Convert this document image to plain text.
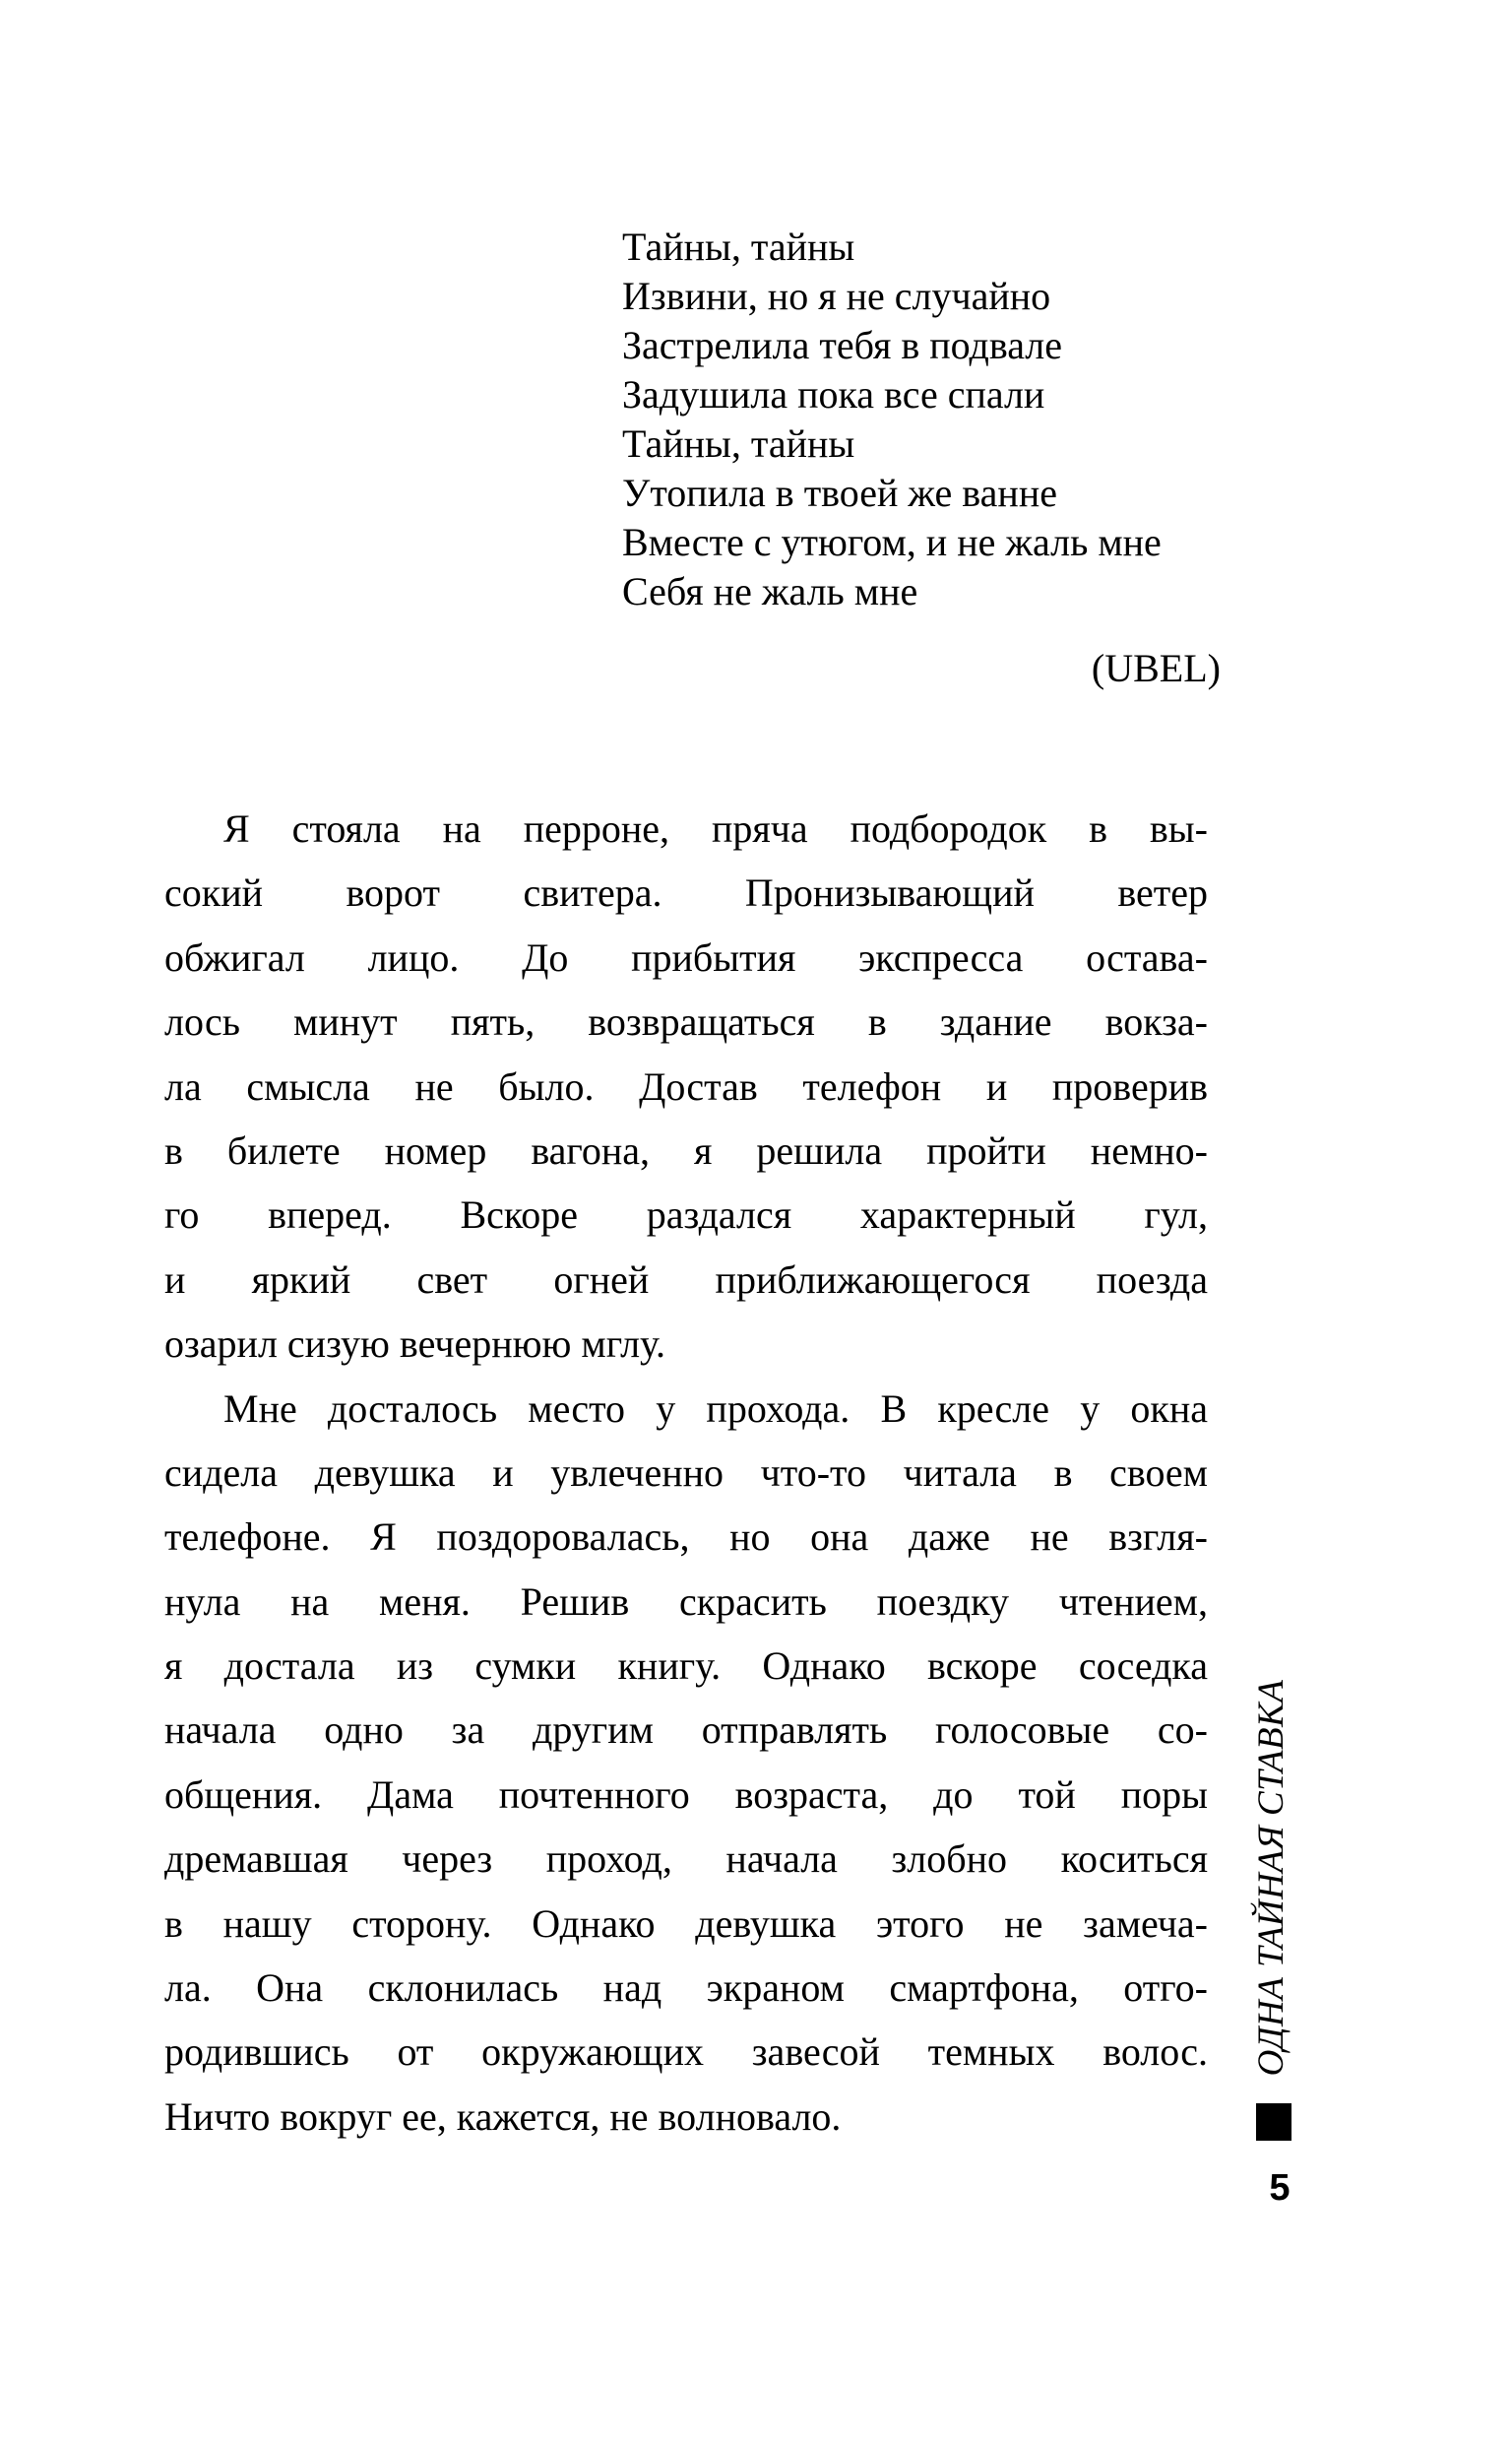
Тайны, тайны
Извини, но я не случайно
Застрелила тебя в подвале
Задушила пока все спали
Тайны, тайны
Утопила в твоей же ванне
Вместе с утюгом, и не жаль мне
Себя не жаль мне
(UBEL)
Я стояла на перроне, пряча подбородок в вы-
сокий ворот свитера. Пронизывающий ветер
обжигал лицо. До прибытия экспресса остава-
лось минут пять, возвращаться в здание вокза-
ла смысла не было. Достав телефон и проверив
в билете номер вагона, я решила пройти немно-
го вперед. Вскоре раздался характерный гул,
и яркий свет огней приближающегося поезда
озарил сизую вечернюю мглу.
Мне досталось место у прохода. В кресле у окна
сидела девушка и увлеченно что-то читала в своем
телефоне. Я поздоровалась, но она даже не взгля-
нула на меня. Решив скрасить поездку чтением,
я достала из сумки книгу. Однако вскоре соседка
начала одно за другим отправлять голосовые со-
общения. Дама почтенного возраста, до той поры
дремавшая через проход, начала злобно коситься
в нашу сторону. Однако девушка этого не замеча-
ла. Она склонилась над экраном смартфона, отго-
родившись от окружающих завесой темных волос.
Ничто вокруг ее, кажется, не волновало.
ОДНА ТАЙНАЯ СТАВКА
5
